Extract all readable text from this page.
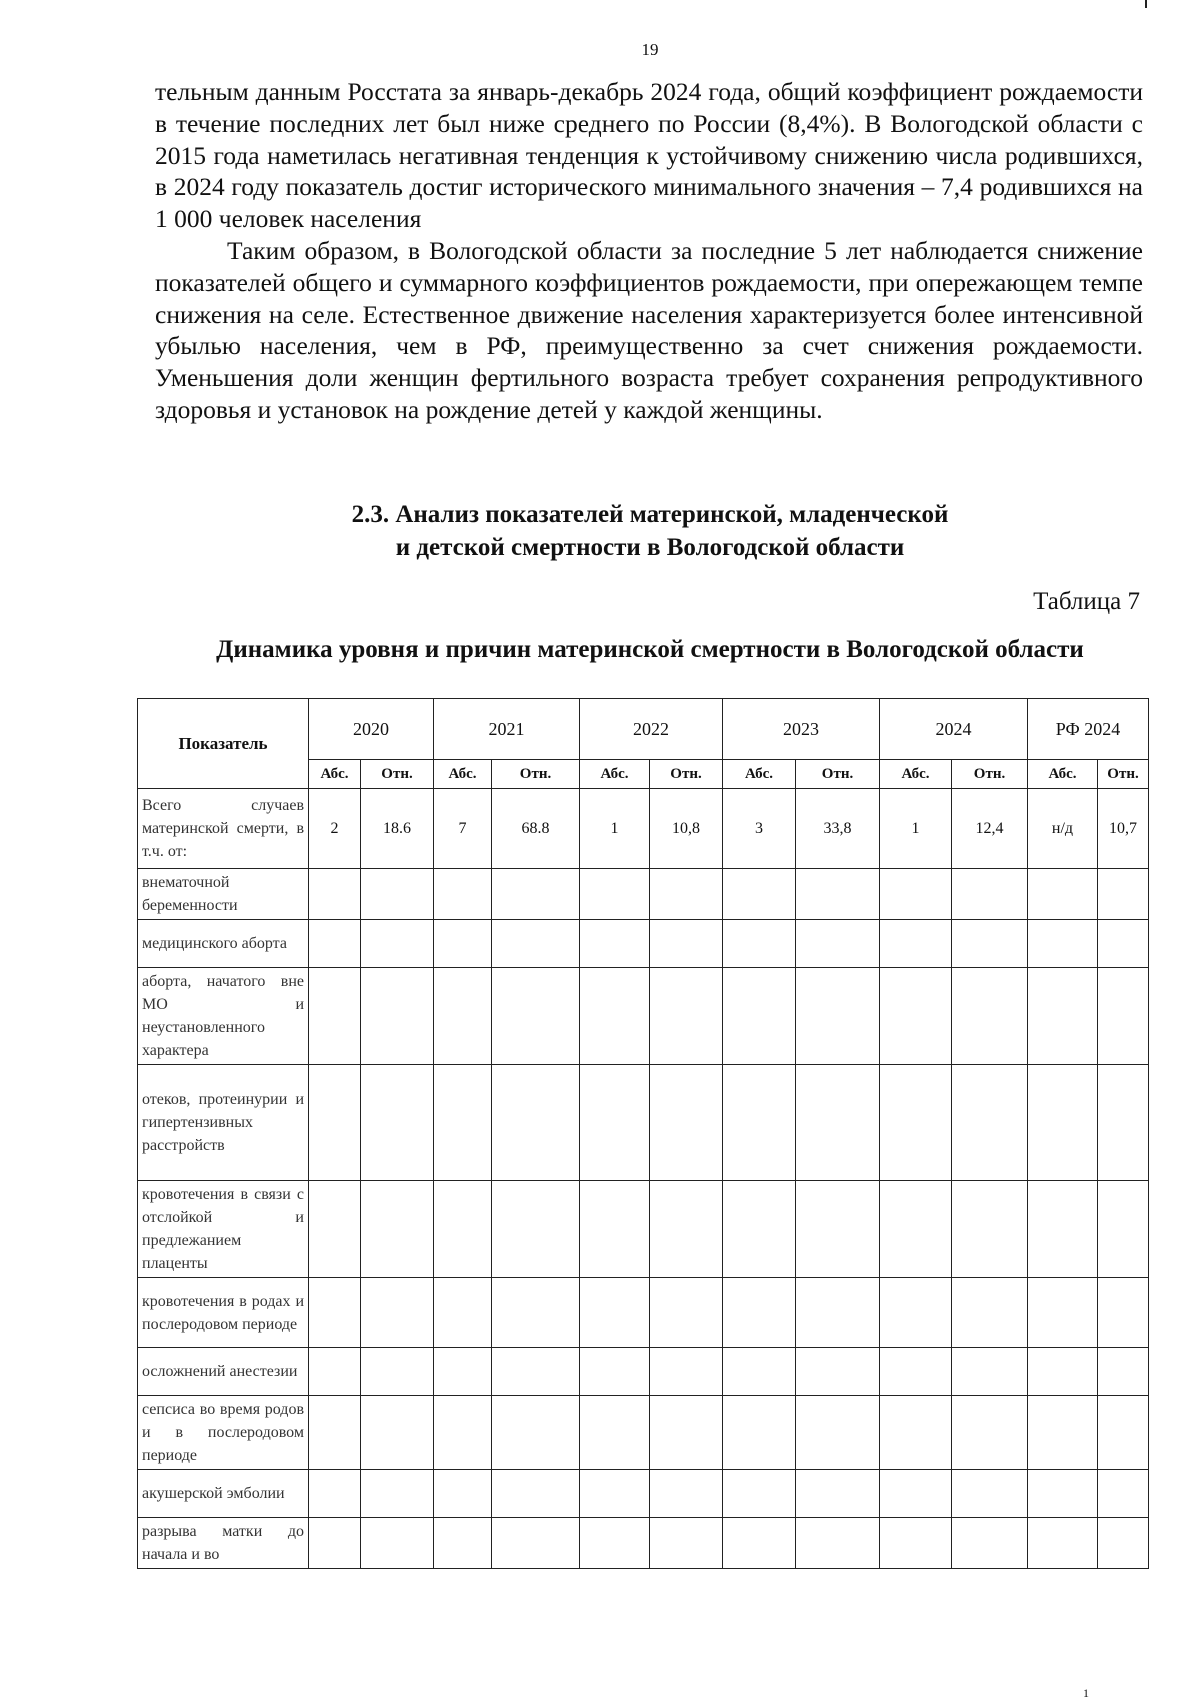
19

тельным данным Росстата за январь-декабрь 2024 года, общий коэффициент рождаемости в течение последних лет был ниже среднего по России (8,4%). В Вологодской области с 2015 года наметилась негативная тенденция к устойчивому снижению числа родившихся, в 2024 году показатель достиг исторического минимального значения – 7,4 родившихся на 1 000 человек населения

Таким образом, в Вологодской области за последние 5 лет наблюдается снижение показателей общего и суммарного коэффициентов рождаемости, при опережающем темпе снижения на селе. Естественное движение населения характеризуется более интенсивной убылью населения, чем в РФ, преимущественно за счет снижения рождаемости. Уменьшения доли женщин фертильного возраста требует сохранения репродуктивного здоровья и установок на рождение детей у каждой женщины.

2.3. Анализ показателей материнской, младенческой
и детской смертности в Вологодской области
Таблица 7
Динамика уровня и причин материнской смертности в Вологодской области
Показатель	2020		2021		2022		2023		2024		РФ 2024	
	Абс.	Отн.	Абс.	Отн.	Абс.	Отн.	Абс.	Отн.	Абс.	Отн.	Абс.	Отн.
Всего случаев материнской смерти, в т.ч. от:	2	18.6	7	68.8	1	10,8	3	33,8	1	12,4	н/д	10,7
внематочной беременности												
медицинского аборта												
аборта, начатого вне МО и неустановленного характера												
отеков, протеинурии и гипертензивных расстройств												
кровотечения в связи с отслойкой и предлежанием плаценты												
кровотечения в родах и послеродовом периоде												
осложнений анестезии												
сепсиса во время родов и в послеродовом периоде												
акушерской эмболии												
разрыва матки до начала и во												
1
